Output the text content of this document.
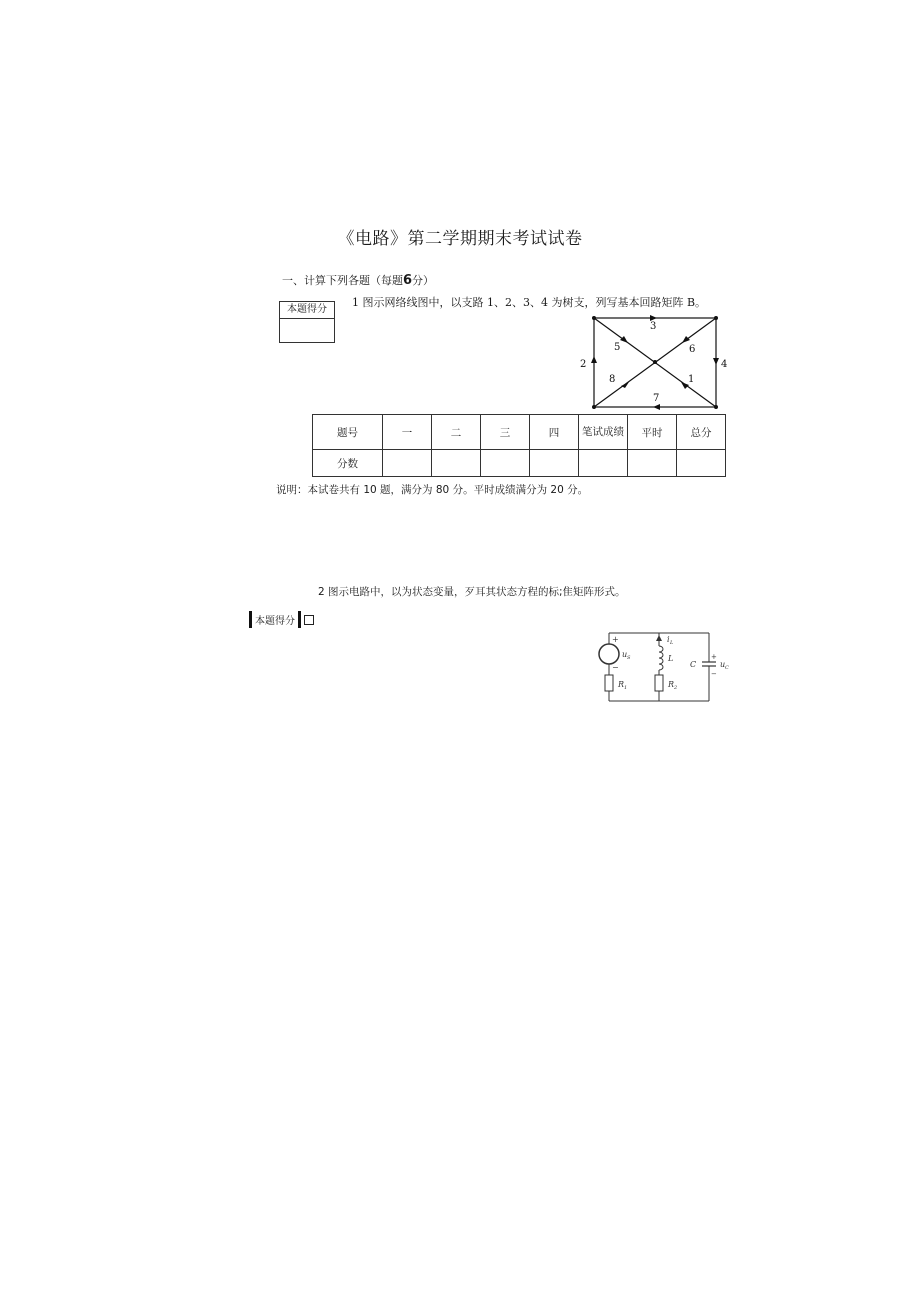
《电路》第二学期期末考试试卷
一、计算下列各题（每题6分）
本题得分
1 图示网络线图中，以支路 1、2、3、4 为树支，列写基本回路矩阵 B。
3
2	4
5	6
8	1
7
题号	一	二	三	四	笔试成绩	平时	总分
分数							
说明：本试卷共有 10 题，满分为 80 分。平时成绩满分为 20 分。
2 图示电路中，以为状态变量，歹耳其状态方程的标;隹矩阵形式。
本题得分
+
−
u S
R 1
i L
L
R 2
C
+
u C
−
